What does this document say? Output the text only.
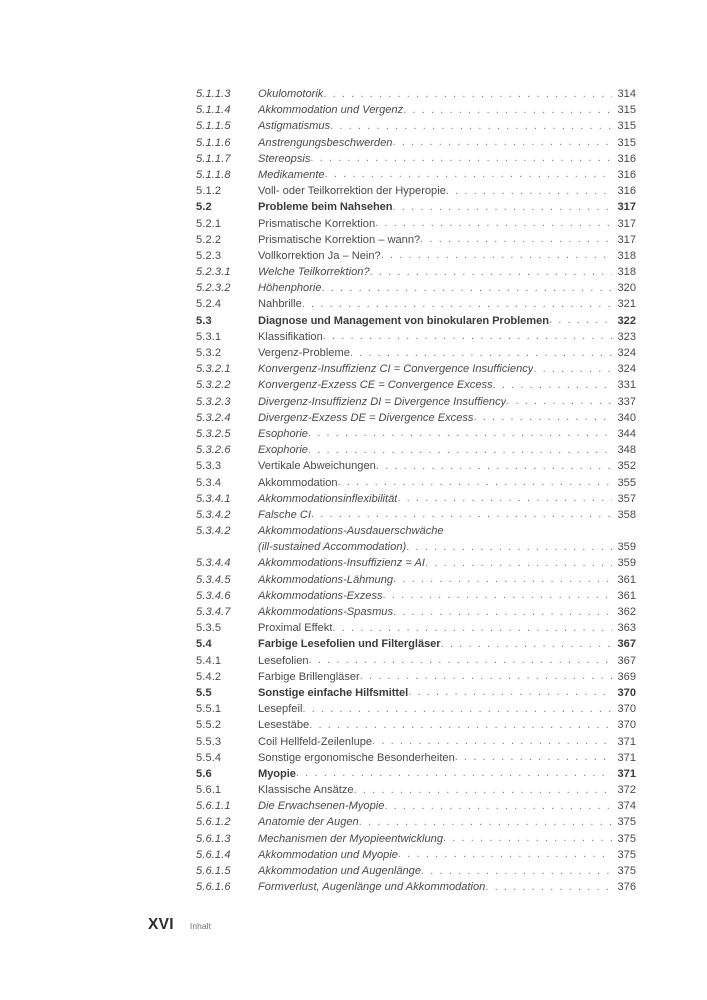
5.1.1.3	Okulomotorik . . .	314
5.1.1.4	Akkommodation und Vergenz . . .	315
5.1.1.5	Astigmatismus . . .	315
5.1.1.6	Anstrengungsbeschwerden . . .	315
5.1.1.7	Stereopsis . . .	316
5.1.1.8	Medikamente . . .	316
5.1.2	Voll- oder Teilkorrektion der Hyperopie . . .	316
5.2	Probleme beim Nahsehen . . .	317
5.2.1	Prismatische Korrektion . . .	317
5.2.2	Prismatische Korrektion – wann? . . .	317
5.2.3	Vollkorrektion Ja – Nein? . . .	318
5.2.3.1	Welche Teilkorrektion? . . .	318
5.2.3.2	Höhenphorie . . .	320
5.2.4	Nahbrille . . .	321
5.3	Diagnose und Management von binokularen Problemen . . .	322
5.3.1	Klassifikation . . .	323
5.3.2	Vergenz-Probleme . . .	324
5.3.2.1	Konvergenz-Insuffizienz CI = Convergence Insufficiency . . .	324
5.3.2.2	Konvergenz-Exzess CE = Convergence Excess . . .	331
5.3.2.3	Divergenz-Insuffizienz DI = Divergence Insuffiency . . .	337
5.3.2.4	Divergenz-Exzess DE = Divergence Excess . . .	340
5.3.2.5	Esophorie . . .	344
5.3.2.6	Exophorie . . .	348
5.3.3	Vertikale Abweichungen . . .	352
5.3.4	Akkommodation . . .	355
5.3.4.1	Akkommodationsinflexibilität . . .	357
5.3.4.2	Falsche CI . . .	358
5.3.4.2	Akkommodations-Ausdauerschwäche
(ill-sustained Accommodation) . . .	359
5.3.4.4	Akkommodations-Insuffizienz = AI . . .	359
5.3.4.5	Akkommodations-Lähmung . . .	361
5.3.4.6	Akkommodations-Exzess . . .	361
5.3.4.7	Akkommodations-Spasmus . . .	362
5.3.5	Proximal Effekt . . .	363
5.4	Farbige Lesefolien und Filtergläser . . .	367
5.4.1	Lesefolien . . .	367
5.4.2	Farbige Brillengläser . . .	369
5.5	Sonstige einfache Hilfsmittel . . .	370
5.5.1	Lesepfeil . . .	370
5.5.2	Lesestäbe . . .	370
5.5.3	Coil Hellfeld-Zeilenlupe . . .	371
5.5.4	Sonstige ergonomische Besonderheiten . . .	371
5.6	Myopie . . .	371
5.6.1	Klassische Ansätze . . .	372
5.6.1.1	Die Erwachsenen-Myopie . . .	374
5.6.1.2	Anatomie der Augen . . .	375
5.6.1.3	Mechanismen der Myopieentwicklung . . .	375
5.6.1.4	Akkommodation und Myopie . . .	375
5.6.1.5	Akkommodation und Augenlänge . . .	375
5.6.1.6	Formverlust, Augenlänge und Akkommodation . . .	376
XVI Inhalt
